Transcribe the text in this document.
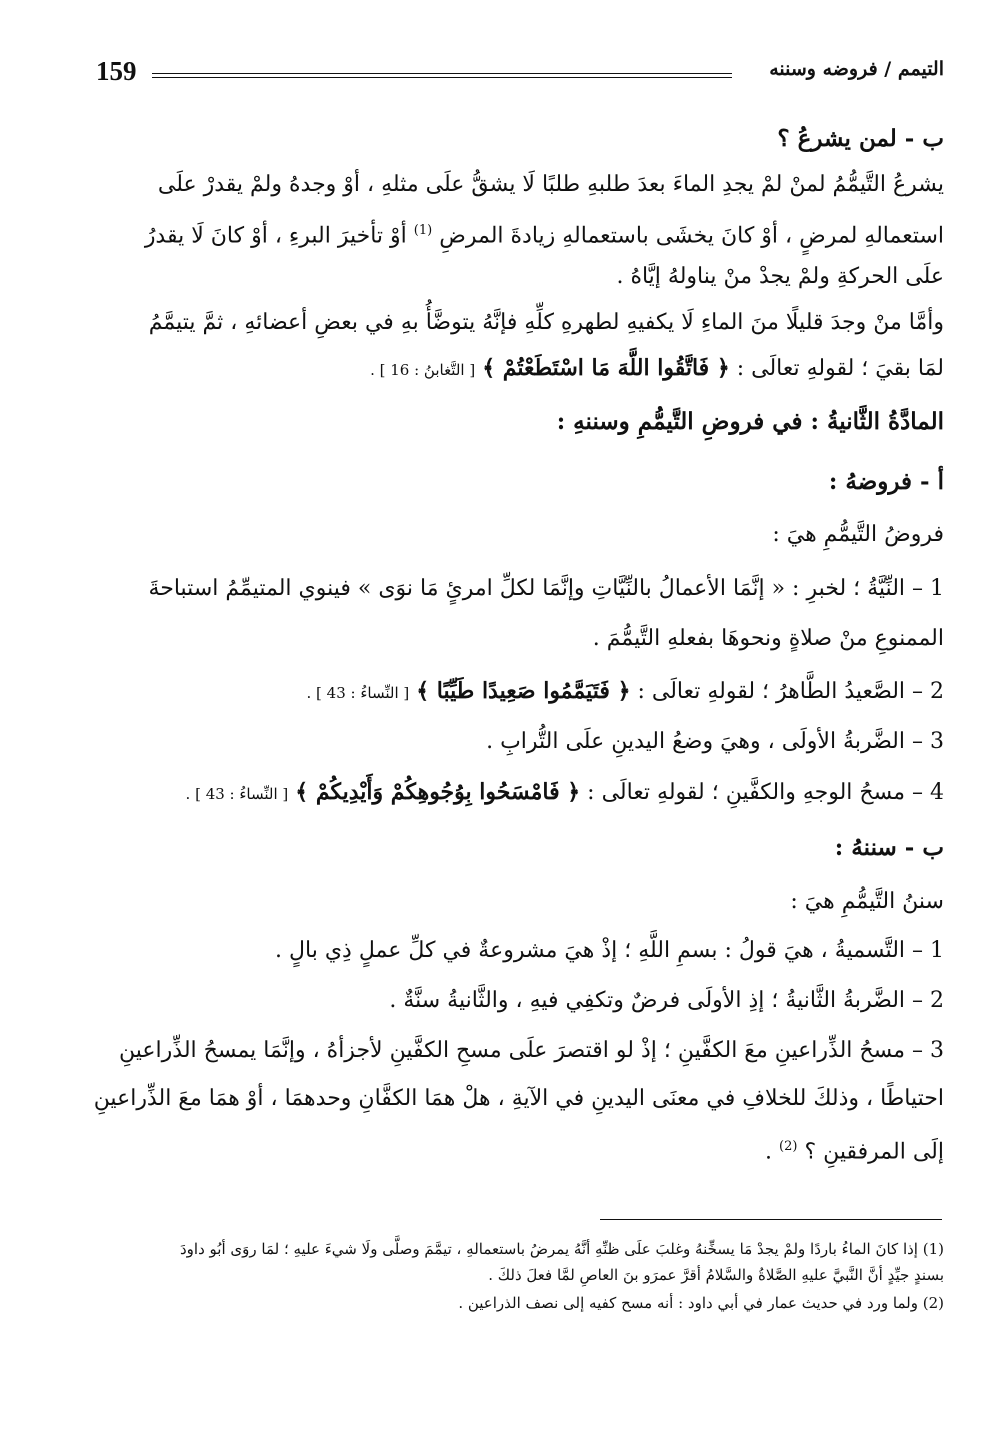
159	التيمم / فروضه وسننه
ب - لمن يشرعُ ؟
يشرعُ التَّيمُّمُ لمنْ لمْ يجدِ الماءَ بعدَ طلبهِ طلبًا لَا يشقُّ علَى مثلهِ ، أوْ وجدهُ ولمْ يقدرْ علَى
استعمالهِ لمرضٍ ، أوْ كانَ يخشَى باستعمالهِ زيادةَ المرضِ $^{(1)}$ أوْ تأخيرَ البرءِ ، أوْ كانَ لَا يقدرُ
علَى الحركةِ ولمْ يجدْ منْ يناولهُ إيَّاهُ .
وأمَّا منْ وجدَ قليلًا منَ الماءِ لَا يكفيهِ لطهرهِ كلِّهِ فإنَّهُ يتوضَّأُ بهِ في بعضِ أعضائهِ ، ثمَّ يتيمَّمُ
لمَا بقيَ ؛ لقولهِ تعالَى : ﴿ فَاتَّقُوا اللَّهَ مَا اسْتَطَعْتُمْ ﴾ [ التَّغابنُ : 16 ] .
المادَّةُ الثَّانيةُ : في فروضِ التَّيمُّمِ وسننهِ :
أ - فروضهُ :
فروضُ التَّيمُّمِ هيَ :
1 – النِّيَّةُ ؛ لخبرِ : « إنَّمَا الأعمالُ بالنِّيَّاتِ وإنَّمَا لكلِّ امرئٍ مَا نوَى » فينوي المتيمِّمُ استباحةَ
الممنوعِ منْ صلاةٍ ونحوهَا بفعلهِ التَّيمُّمَ .
2 – الصَّعيدُ الطَّاهرُ ؛ لقولهِ تعالَى : ﴿ فَتَيَمَّمُوا صَعِيدًا طَيِّبًا ﴾ [ النِّساءُ : 43 ] .
3 – الضَّربةُ الأولَى ، وهيَ وضعُ اليدينِ علَى التُّرابِ .
4 – مسحُ الوجهِ والكفَّينِ ؛ لقولهِ تعالَى : ﴿ فَامْسَحُوا بِوُجُوهِكُمْ وَأَيْدِيكُمْ ﴾ [ النِّساءُ : 43 ] .
ب - سننهُ :
سننُ التَّيمُّمِ هيَ :
1 – التَّسميةُ ، هيَ قولُ : بسمِ اللَّهِ ؛ إذْ هيَ مشروعةٌ في كلِّ عملٍ ذِي بالٍ .
2 – الضَّربةُ الثَّانيةُ ؛ إذِ الأولَى فرضٌ وتكفِي فيهِ ، والثَّانيةُ سنَّةٌ .
3 – مسحُ الذِّراعينِ معَ الكفَّينِ ؛ إذْ لو اقتصرَ علَى مسحِ الكفَّينِ لأجزأهُ ، وإنَّمَا يمسحُ الذِّراعينِ
احتياطًا ، وذلكَ للخلافِ في معنَى اليدينِ في الآيةِ ، هلْ همَا الكفَّانِ وحدهمَا ، أوْ همَا معَ الذِّراعينِ
إلَى المرفقينِ ؟ $^{(2)}$ .
(1) إذا كانَ الماءُ باردًا ولمْ يجدْ مَا يسخِّنهُ وغلبَ علَى ظنِّهِ أنَّهُ يمرضُ باستعمالهِ ، تيمَّمَ وصلَّى ولَا شيءَ عليهِ ؛ لمَا روَى أبُو داودَ
بسندٍ جيِّدٍ أنَّ النَّبيَّ عليهِ الصَّلاةُ والسَّلامُ أقرَّ عمرَو بنَ العاصِ لمَّا فعلَ ذلكَ .
(2) ولما ورد في حديث عمار في أبي داود : أنه مسح كفيه إلى نصف الذراعين .
